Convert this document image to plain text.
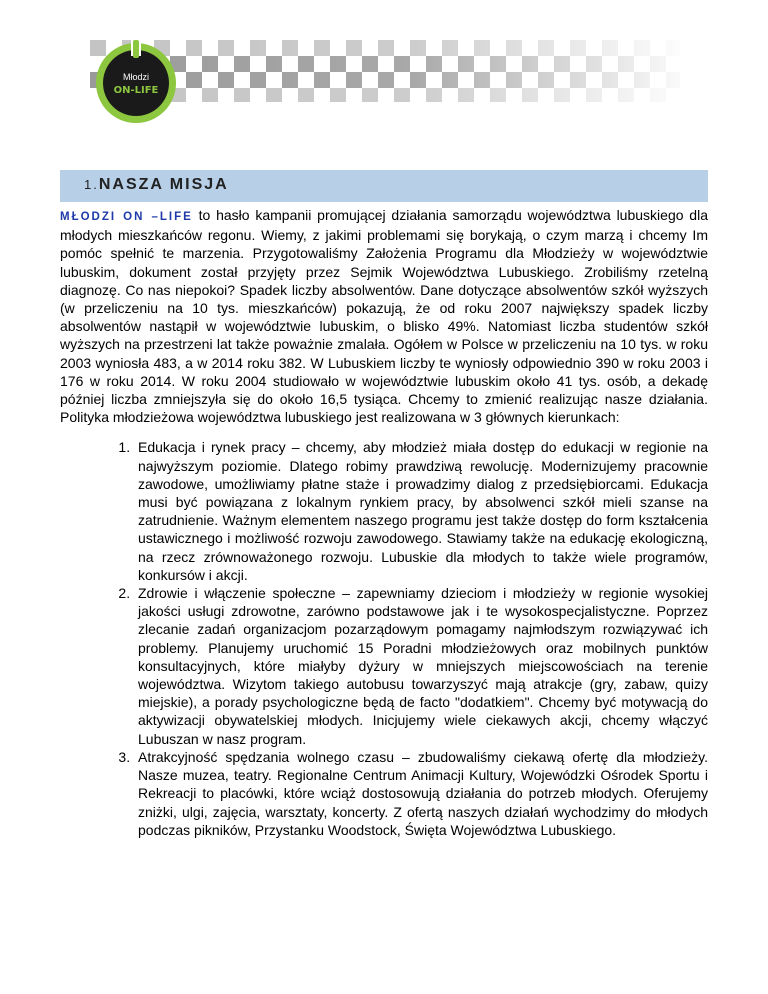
Młodzi
ON-LIFE
1.NASZA MISJA

MŁODZI ON –LIFE to hasło kampanii promującej działania samorządu województwa lubuskiego dla młodych mieszkańców regonu. Wiemy, z jakimi problemami się borykają, o czym marzą i chcemy Im pomóc spełnić te marzenia. Przygotowaliśmy Założenia Programu dla Młodzieży w województwie lubuskim, dokument został przyjęty przez Sejmik Województwa Lubuskiego. Zrobiliśmy rzetelną diagnozę. Co nas niepokoi? Spadek liczby absolwentów. Dane dotyczące absolwentów szkół wyższych (w przeliczeniu na 10 tys. mieszkańców) pokazują, że od roku 2007 największy spadek liczby absolwentów nastąpił w województwie lubuskim, o blisko 49%. Natomiast liczba studentów szkół wyższych na przestrzeni lat także poważnie zmalała. Ogółem w Polsce w przeliczeniu na 10 tys. w roku 2003 wyniosła 483, a w 2014 roku 382. W Lubuskiem liczby te wyniosły odpowiednio 390 w roku 2003 i 176 w roku 2014. W roku 2004 studiowało w województwie lubuskim około 41 tys. osób, a dekadę później liczba zmniejszyła się do około 16,5 tysiąca. Chcemy to zmienić realizując nasze działania. Polityka młodzieżowa województwa lubuskiego jest realizowana w 3 głównych kierunkach:

1. Edukacja i rynek pracy – chcemy, aby młodzież miała dostęp do edukacji w regionie na najwyższym poziomie. Dlatego robimy prawdziwą rewolucję. Modernizujemy pracownie zawodowe, umożliwiamy płatne staże i prowadzimy dialog z przedsiębiorcami. Edukacja musi być powiązana z lokalnym rynkiem pracy, by absolwenci szkół mieli szanse na zatrudnienie. Ważnym elementem naszego programu jest także dostęp do form kształcenia ustawicznego i możliwość rozwoju zawodowego. Stawiamy także na edukację ekologiczną, na rzecz zrównoważonego rozwoju. Lubuskie dla młodych to także wiele programów, konkursów i akcji.
2. Zdrowie i włączenie społeczne – zapewniamy dzieciom i młodzieży w regionie wysokiej jakości usługi zdrowotne, zarówno podstawowe jak i te wysokospecjalistyczne. Poprzez zlecanie zadań organizacjom pozarządowym pomagamy najmłodszym rozwiązywać ich problemy. Planujemy uruchomić 15 Poradni młodzieżowych oraz mobilnych punktów konsultacyjnych, które miałyby dyżury w mniejszych miejscowościach na terenie województwa. Wizytom takiego autobusu towarzyszyć mają atrakcje (gry, zabaw, quizy miejskie), a porady psychologiczne będą de facto "dodatkiem". Chcemy być motywacją do aktywizacji obywatelskiej młodych. Inicjujemy wiele ciekawych akcji, chcemy włączyć Lubuszan w nasz program.
3. Atrakcyjność spędzania wolnego czasu – zbudowaliśmy ciekawą ofertę dla młodzieży. Nasze muzea, teatry. Regionalne Centrum Animacji Kultury, Wojewódzki Ośrodek Sportu i Rekreacji to placówki, które wciąż dostosowują działania do potrzeb młodych. Oferujemy zniżki, ulgi, zajęcia, warsztaty, koncerty. Z ofertą naszych działań wychodzimy do młodych podczas pikników, Przystanku Woodstock, Święta Województwa Lubuskiego.
